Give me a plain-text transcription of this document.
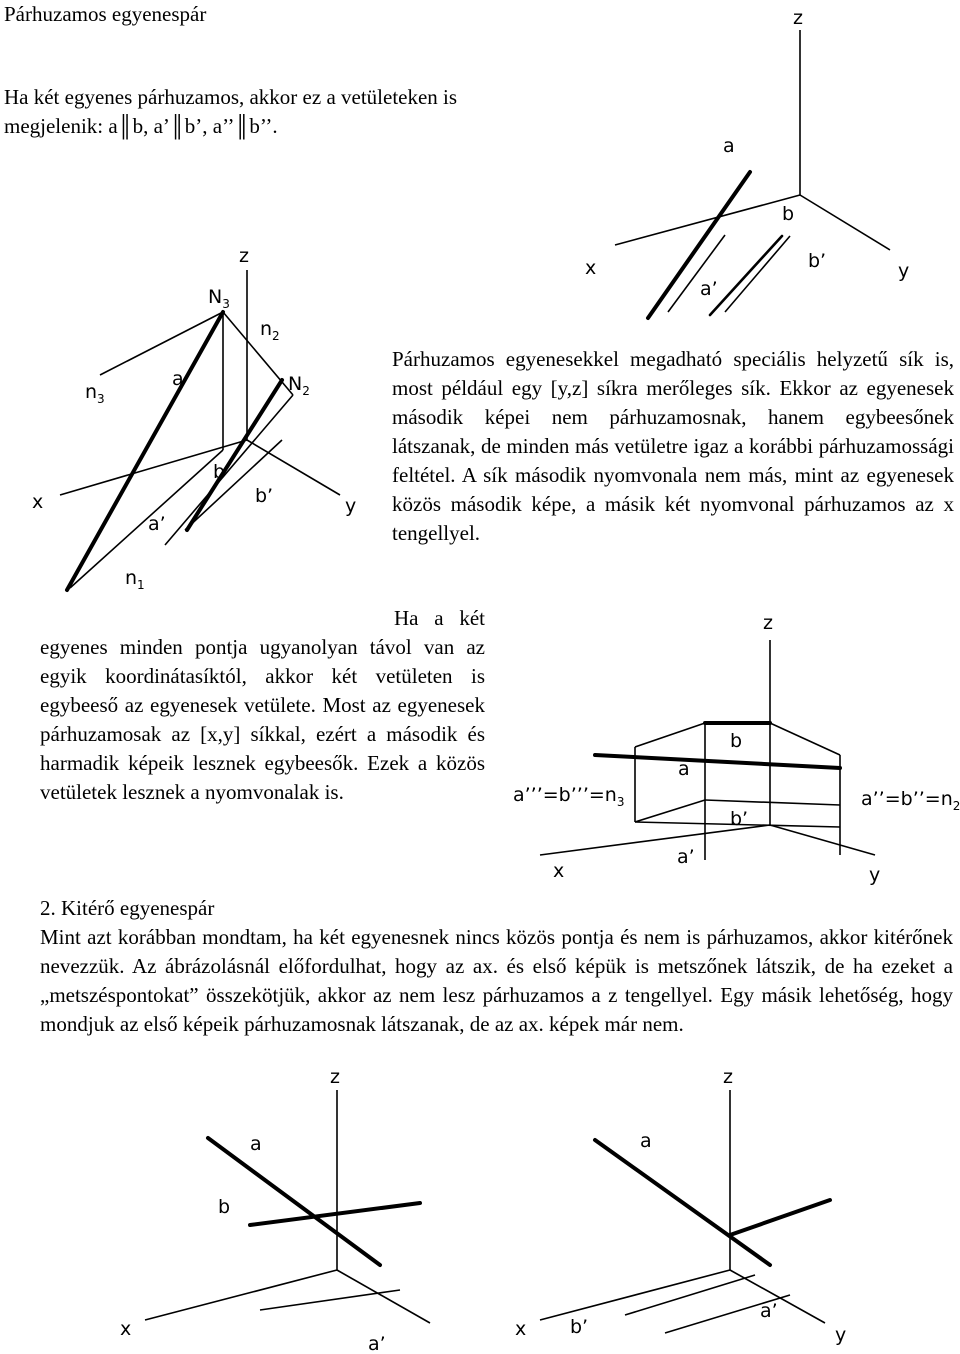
Párhuzamos egyenespár
Ha két egyenes párhuzamos, akkor ez a vetületeken is megjelenik: a║b, a’║b’, a’’║b’’.
Párhuzamos egyenesekkel megadható speciális helyzetű sík is, most például egy [y,z] síkra merőleges sík. Ekkor az egyenesek második képei nem párhuzamosnak, hanem egybeesőnek látszanak, de minden más vetületre igaz a korábbi párhuzamossági feltétel. A sík második nyomvonala nem más, mint az egyenesek közös második képe, a másik két nyomvonal párhuzamos az x tengellyel.
Ha a két egyenes minden pontja ugyanolyan távol van az egyik koordinátasíktól, akkor két vetületen is egybeeső az egyenesek vetülete. Most az egyenesek párhuzamosak az [x,y] síkkal, ezért a második és harmadik képeik lesznek egybeesők. Ezek a közös vetületek lesznek a nyomvonalak is.
2. Kitérő egyenespár
Mint azt korábban mondtam, ha két egyenesnek nincs közös pontja és nem is párhuzamos, akkor kitérőnek nevezzük. Az ábrázolásnál előfordulhat, hogy az ax. és első képük is metszőnek látszik, de ha ezeket a „metszéspontokat” összekötjük, akkor az nem lesz párhuzamos a z tengellyel. Egy másik lehetőség, hogy mondjuk az első képeik párhuzamosnak látszanak, de az ax. képek már nem.
z
x	y
a
b
a’
b’
z
x	y
$N_3$
$n_2$
$N_2$
$n_3$
a
b
b’
a’
$n_1$
z
x	y
b
a
b’
a’
$a’’’=b’’’=n_3$	$a’’=b’’=n_2$
z
a
b
x
a’
z
a
x
a’
b’	y
